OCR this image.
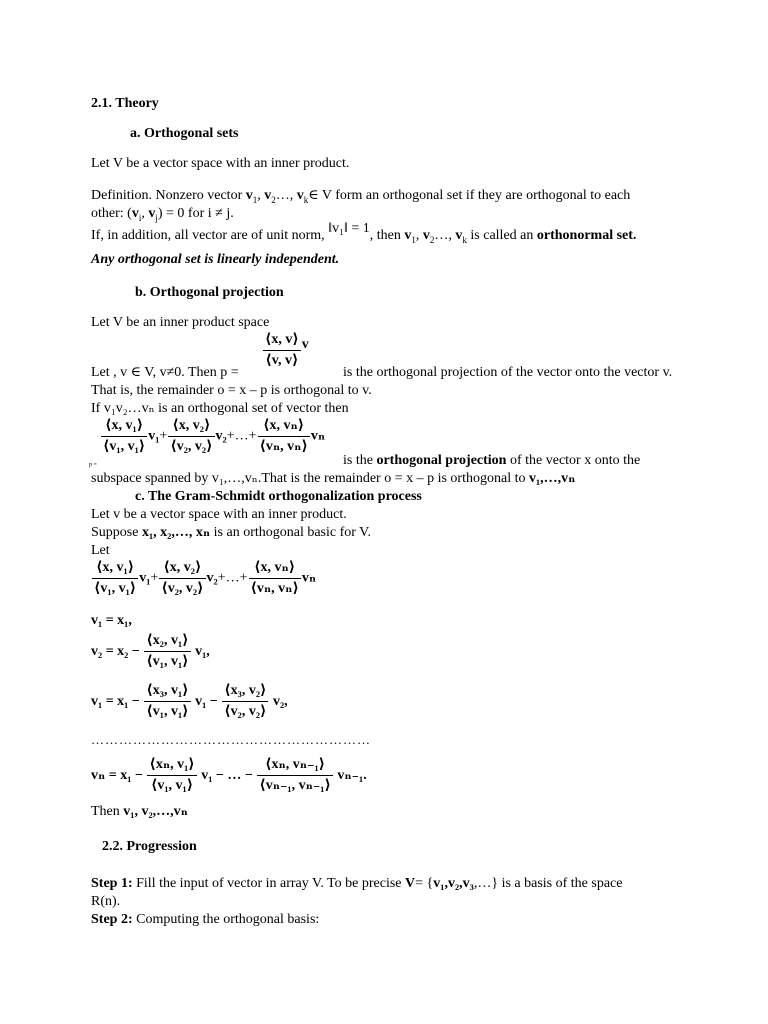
2.1. Theory
a. Orthogonal sets
Let V be a vector space with an inner product.
Definition. Nonzero vector $v_1$, $v_2\dots$, $v_k\in$ V form an orthogonal set if they are orthogonal to each
other: ($v_i$, $v_j) = 0$ for i ≠ j.
If, in addition, all vector are of unit norm, ‖v₁‖ = 1, then $v_1$, $v_2\dots$, $v_k$ is called an orthonormal set.
Any orthogonal set is linearly independent.
b. Orthogonal projection
Let V be an inner product space
$\frac{⟨x, v⟩}{⟨v, v⟩}$ v
Let , v ∈ V, v≠0. Then p =	is the orthogonal projection of the vector onto the vector v.
That is, the remainder o = x – p is orthogonal to v.
If v₁v₂…vₙ is an orthogonal set of vector then
$\frac{\text{⟨x, v₁⟩}}{\text{⟨v₁, v₁⟩}} v_1+ \frac{\text{⟨x, v₂⟩}}{\text{⟨v₂, v₂⟩}}$ v₂+…+ $\frac{\text{⟨x, vₙ⟩}}{\text{⟨vₙ, vₙ⟩}}$ vₙ
p =	is the orthogonal projection of the vector x onto the
subspace spanned by v₁,…,vₙ.That is the remainder o = x – p is orthogonal to v₁,…,vₙ
c. The Gram-Schmidt orthogonalization process
Let v be a vector space with an inner product.
Suppose x₁, x₂,…, xₙ is an orthogonal basic for V.
Let
$\frac{\text{⟨x, v₁⟩}}{\text{⟨v₁, v₁⟩}} v_1+ \frac{\text{⟨x, v₂⟩}}{\text{⟨v₂, v₂⟩}}$ v₂+…+ $\frac{\text{⟨x, vₙ⟩}}{\text{⟨vₙ, vₙ⟩}}$ vₙ
v₁ = x₁,
$v_2 = x_2 - \frac{\text{⟨x₂, v₁⟩}}{\text{⟨v₁, v₁⟩}} v_1$,
$v_1 = x_1 - \frac{\text{⟨x₃, v₁⟩}}{\text{⟨v₁, v₁⟩}} v_1 - \frac{\text{⟨x₃, v₂⟩}}{\text{⟨v₂, v₂⟩}} v_2$,
……………………………………………………
$v_n = x_1 - \frac{\text{⟨xₙ, v₁⟩}}{\text{⟨v₁, v₁⟩}} v_1$ − … − $\frac{\text{⟨xₙ, vₙ₋₁⟩}}{\text{⟨vₙ₋₁, vₙ₋₁⟩}} v_{n-1}$.
Then v₁, v₂,…,vₙ
2.2. Progression
Step 1: Fill the input of vector in array V. To be precise V= {v₁,v₂,v₃,…} is a basis of the space
R(n).
Step 2: Computing the orthogonal basis:
